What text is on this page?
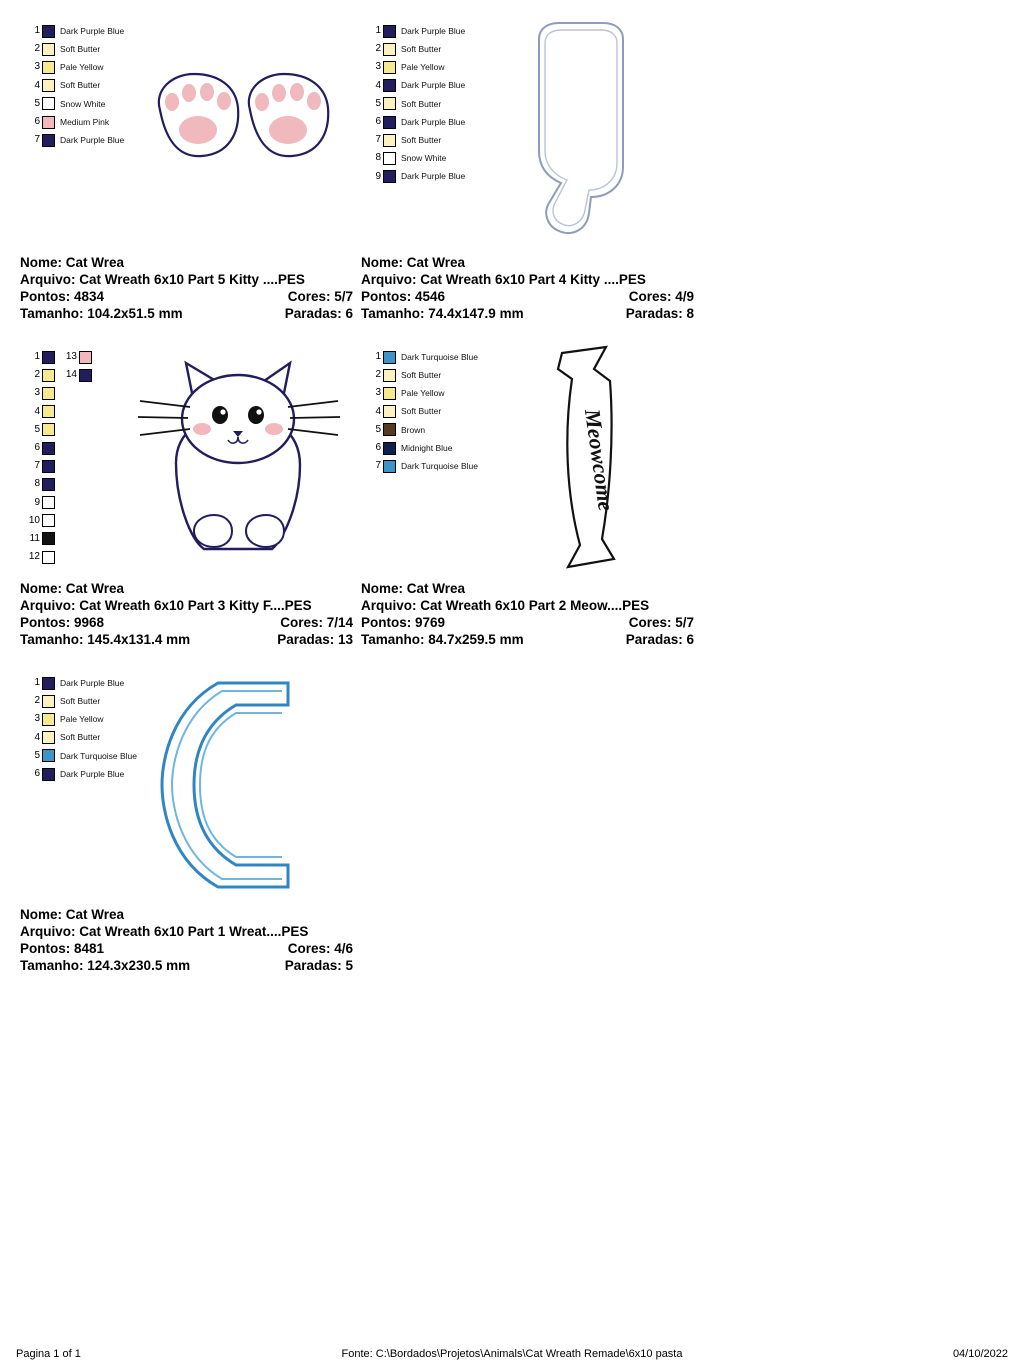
1 Dark Purple Blue
2 Soft Butter
3 Pale Yellow
4 Soft Butter
5 Snow White
6 Medium Pink
7 Dark Purple Blue
Nome: Cat Wrea
Arquivo: Cat Wreath 6x10 Part 5 Kitty ....PES
Pontos: 4834	Cores: 5/7
Tamanho: 104.2x51.5 mm	Paradas: 6
1 Dark Purple Blue
2 Soft Butter
3 Pale Yellow
4 Dark Purple Blue
5 Soft Butter
6 Dark Purple Blue
7 Soft Butter
8 Snow White
9 Dark Purple Blue
Nome: Cat Wrea
Arquivo: Cat Wreath 6x10 Part 4 Kitty ....PES
Pontos: 4546	Cores: 4/9
Tamanho: 74.4x147.9 mm	Paradas: 8
1
2
3
4
5
6
7
8
9
10
11
12
13
14
Nome: Cat Wrea
Arquivo: Cat Wreath 6x10 Part 3 Kitty F....PES
Pontos: 9968	Cores: 7/14
Tamanho: 145.4x131.4 mm	Paradas: 13
1 Dark Turquoise Blue
2 Soft Butter
3 Pale Yellow
4 Soft Butter
5 Brown
6 Midnight Blue
7 Dark Turquoise Blue	Meowcome
Nome: Cat Wrea
Arquivo: Cat Wreath 6x10 Part 2 Meow....PES
Pontos: 9769	Cores: 5/7
Tamanho: 84.7x259.5 mm	Paradas: 6
1 Dark Purple Blue
2 Soft Butter
3 Pale Yellow
4 Soft Butter
5 Dark Turquoise Blue
6 Dark Purple Blue
Nome: Cat Wrea
Arquivo: Cat Wreath 6x10 Part 1 Wreat....PES
Pontos: 8481	Cores: 4/6
Tamanho: 124.3x230.5 mm	Paradas: 5
Pagina 1 of 1	Fonte: C:\Bordados\Projetos\Animals\Cat Wreath Remade\6x10 pasta	04/10/2022
